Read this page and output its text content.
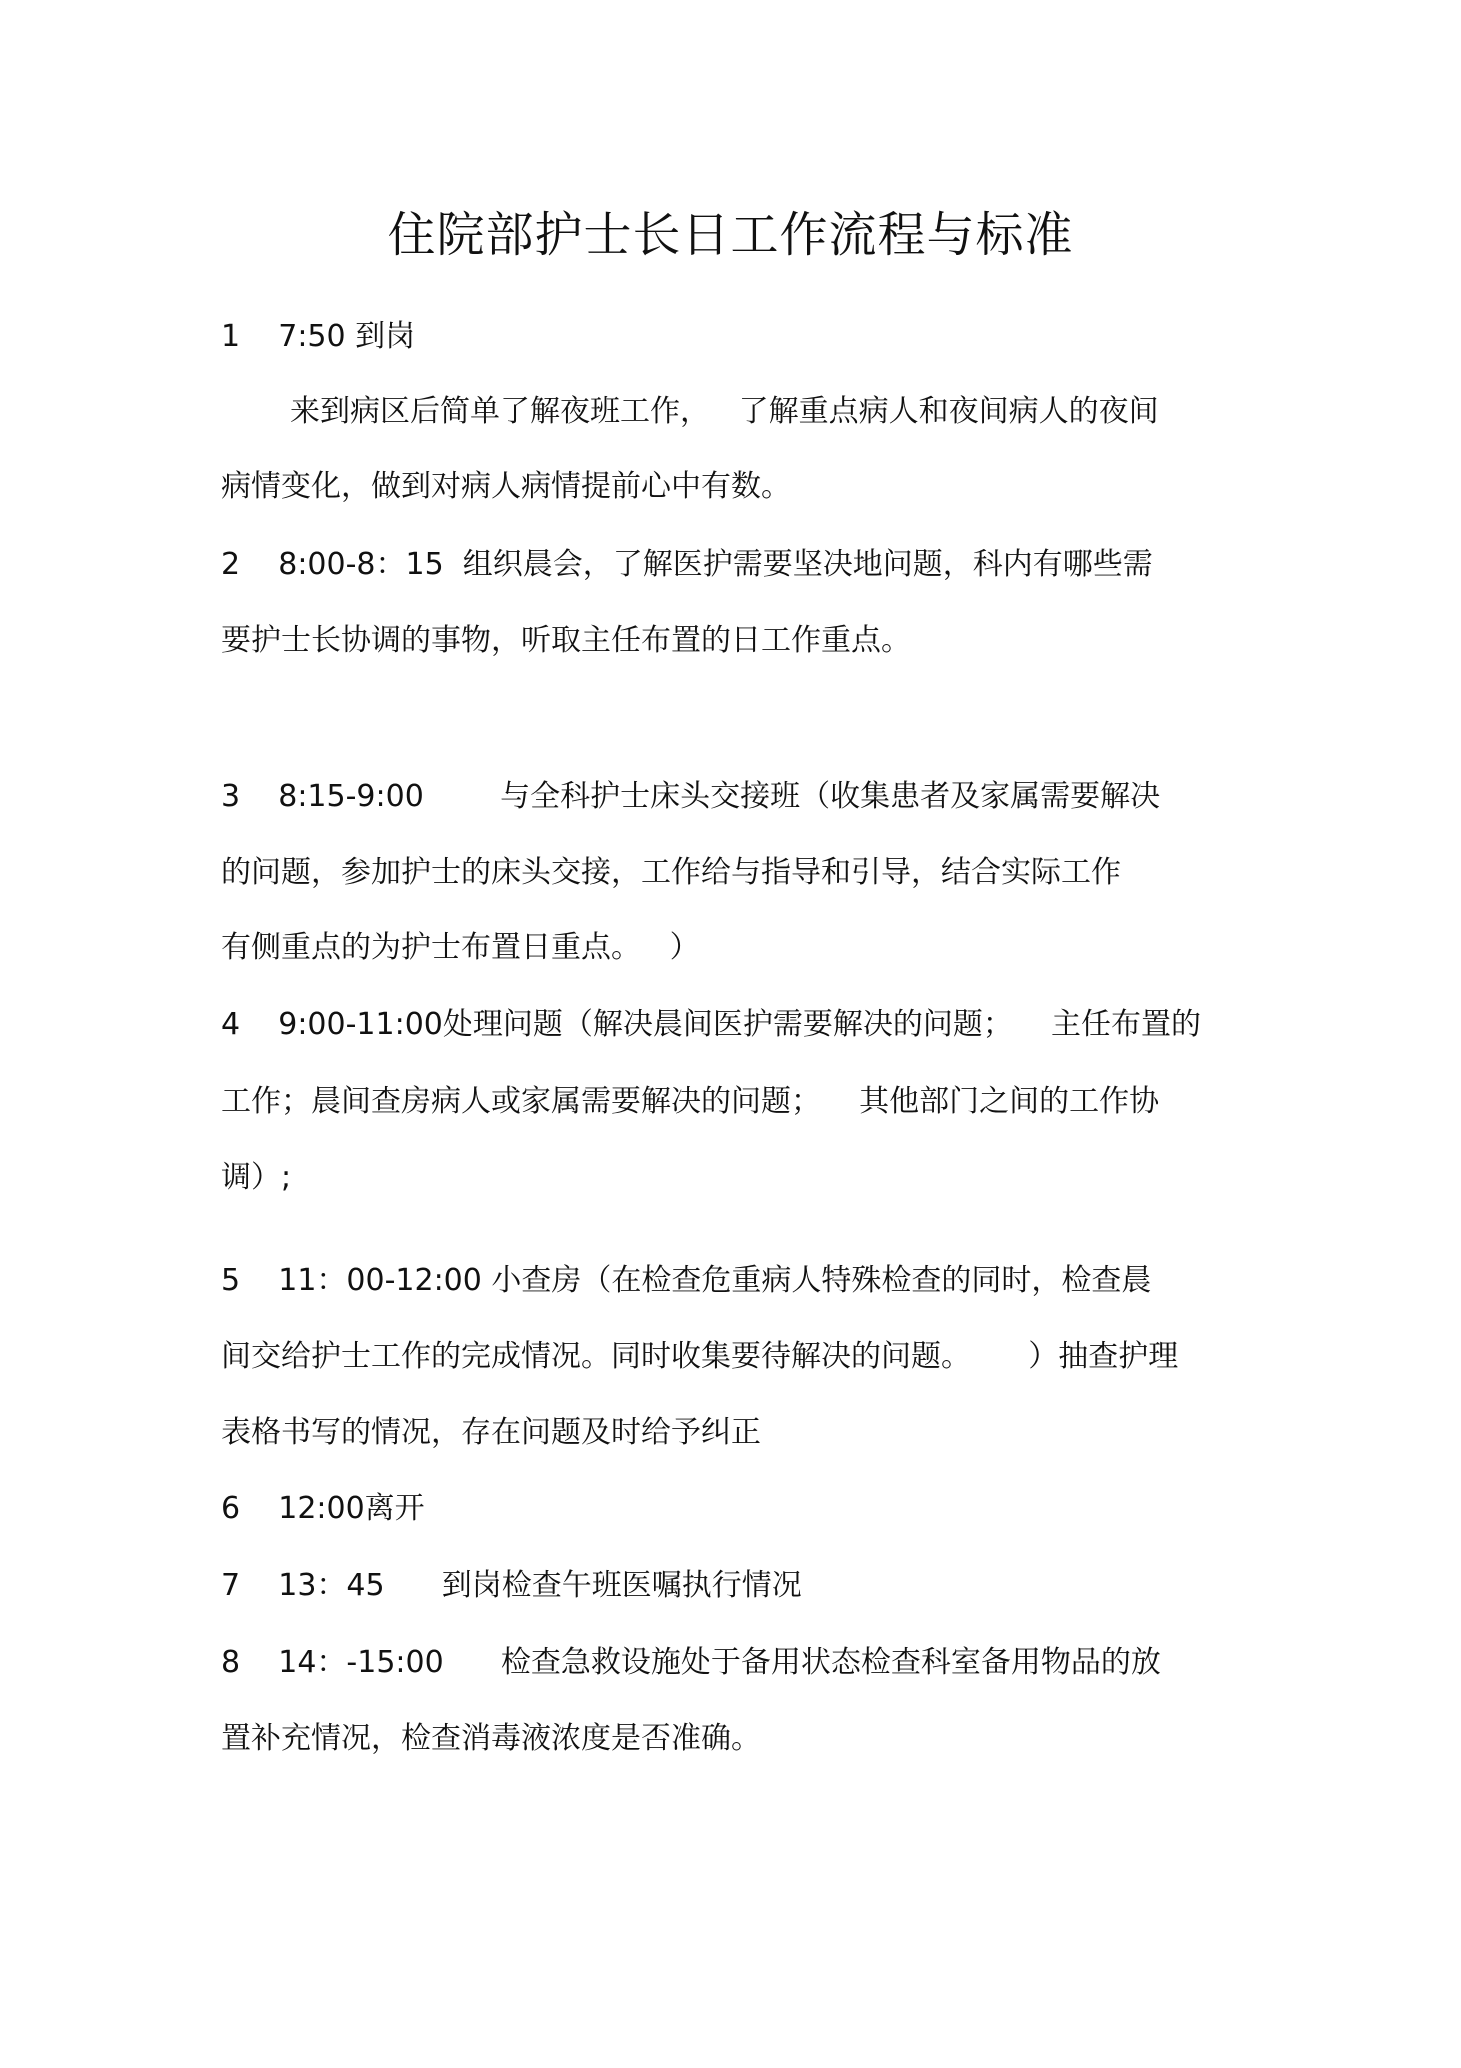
住院部护士长日工作流程与标准
1    7:50 到岗
来到病区后简单了解夜班工作，   了解重点病人和夜间病人的夜间
病情变化，做到对病人病情提前心中有数。
2    8:00-8：15  组织晨会，了解医护需要坚决地问题，科内有哪些需
要护士长协调的事物，听取主任布置的日工作重点。
3    8:15-9:00        与全科护士床头交接班（收集患者及家属需要解决
的问题，参加护士的床头交接，工作给与指导和引导，结合实际工作
有侧重点的为护士布置日重点。   ）
4    9:00-11:00处理问题（解决晨间医护需要解决的问题；    主任布置的
工作；晨间查房病人或家属需要解决的问题；    其他部门之间的工作协
调）;
5    11：00-12:00 小查房（在检查危重病人特殊检查的同时，检查晨
间交给护士工作的完成情况。同时收集要待解决的问题。      ）抽查护理
表格书写的情况，存在问题及时给予纠正
6    12:00离开
7    13：45      到岗检查午班医嘱执行情况
8    14：-15:00      检查急救设施处于备用状态检查科室备用物品的放
置补充情况，检查消毒液浓度是否准确。
